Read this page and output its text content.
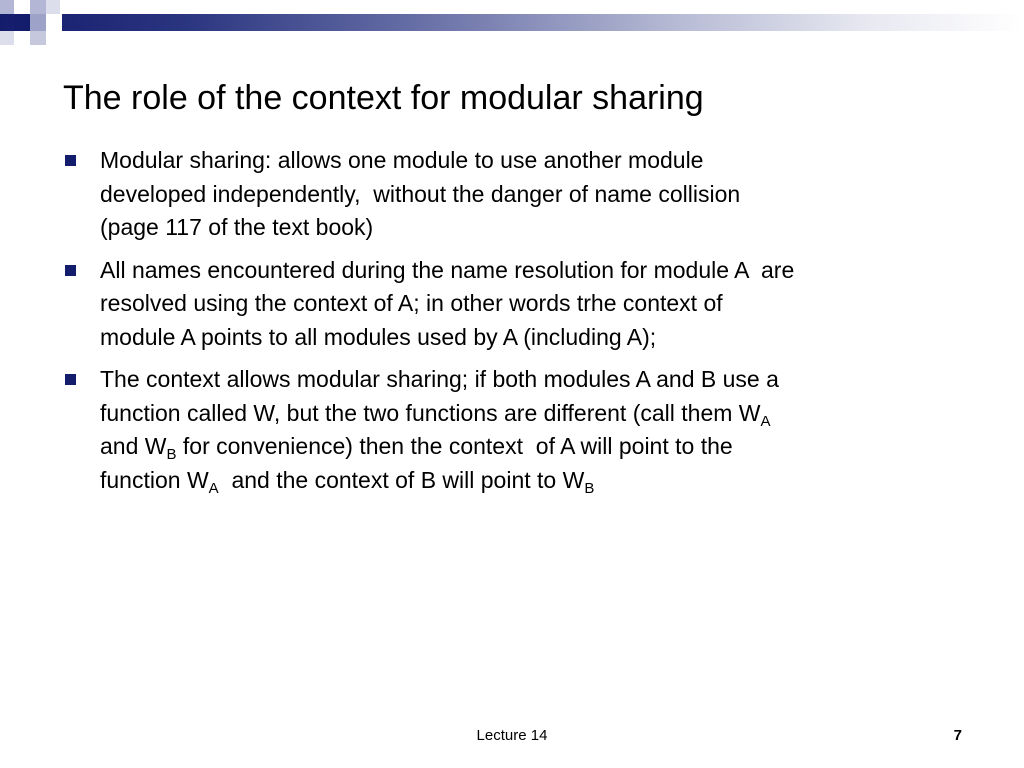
The role of the context for modular sharing
Modular sharing: allows one module to use another module
developed independently,  without the danger of name collision
(page 117 of the text book)
All names encountered during the name resolution for module A  are
resolved using the context of A; in other words trhe context of
module A points to all modules used by A (including A);
The context allows modular sharing; if both modules A and B use a
function called W, but the two functions are different (call them $W_A$
and $W_B$ for convenience) then the context  of A will point to the
function $W_A$  and the context of B will point to $W_B$
Lecture 14	7
